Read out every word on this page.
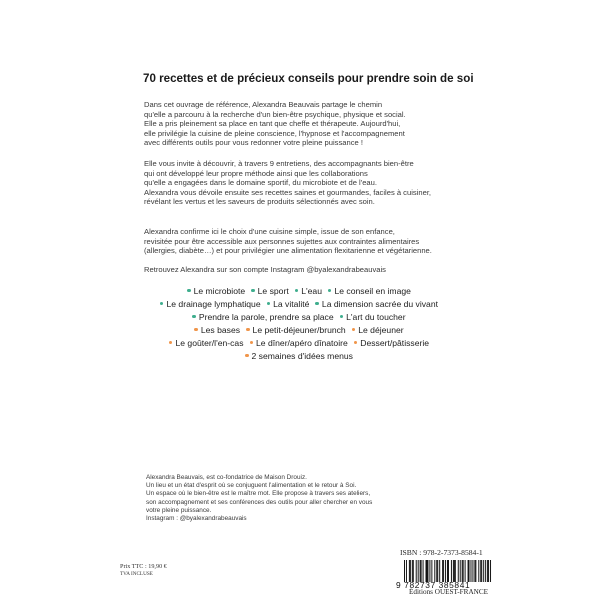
70 recettes et de précieux conseils pour prendre soin de soi
Dans cet ouvrage de référence, Alexandra Beauvais partage le chemin
qu'elle a parcouru à la recherche d'un bien-être psychique, physique et social.
Elle a pris pleinement sa place en tant que cheffe et thérapeute. Aujourd'hui,
elle privilégie la cuisine de pleine conscience, l'hypnose et l'accompagnement
avec différents outils pour vous redonner votre pleine puissance !
Elle vous invite à découvrir, à travers 9 entretiens, des accompagnants bien-être
qui ont développé leur propre méthode ainsi que les collaborations
qu'elle a engagées dans le domaine sportif, du microbiote et de l'eau.
Alexandra vous dévoile ensuite ses recettes saines et gourmandes, faciles à cuisiner,
révélant les vertus et les saveurs de produits sélectionnés avec soin.
Alexandra confirme ici le choix d'une cuisine simple, issue de son enfance,
revisitée pour être accessible aux personnes sujettes aux contraintes alimentaires
(allergies, diabète…) et pour privilégier une alimentation flexitarienne et végétarienne.
Retrouvez Alexandra sur son compte Instagram @byalexandrabeauvais
Le microbiote Le sport L'eau Le conseil en image
Le drainage lymphatique La vitalité La dimension sacrée du vivant
Prendre la parole, prendre sa place L'art du toucher
Les bases Le petit-déjeuner/brunch Le déjeuner
Le goûter/l'en-cas Le dîner/apéro dînatoire Dessert/pâtisserie
2 semaines d'idées menus
Alexandra Beauvais, est co-fondatrice de Maison Drouiz.
Un lieu et un état d'esprit où se conjuguent l'alimentation et le retour à Soi.
Un espace où le bien-être est le maître mot. Elle propose à travers ses ateliers,
son accompagnement et ses conférences des outils pour aller chercher en vous
votre pleine puissance.
Instagram : @byalexandrabeauvais
ISBN : 978-2-7373-8584-1
9 782737 385841
Éditions OUEST-FRANCE
Prix TTC : 19,90 €
TVA INCLUSE
